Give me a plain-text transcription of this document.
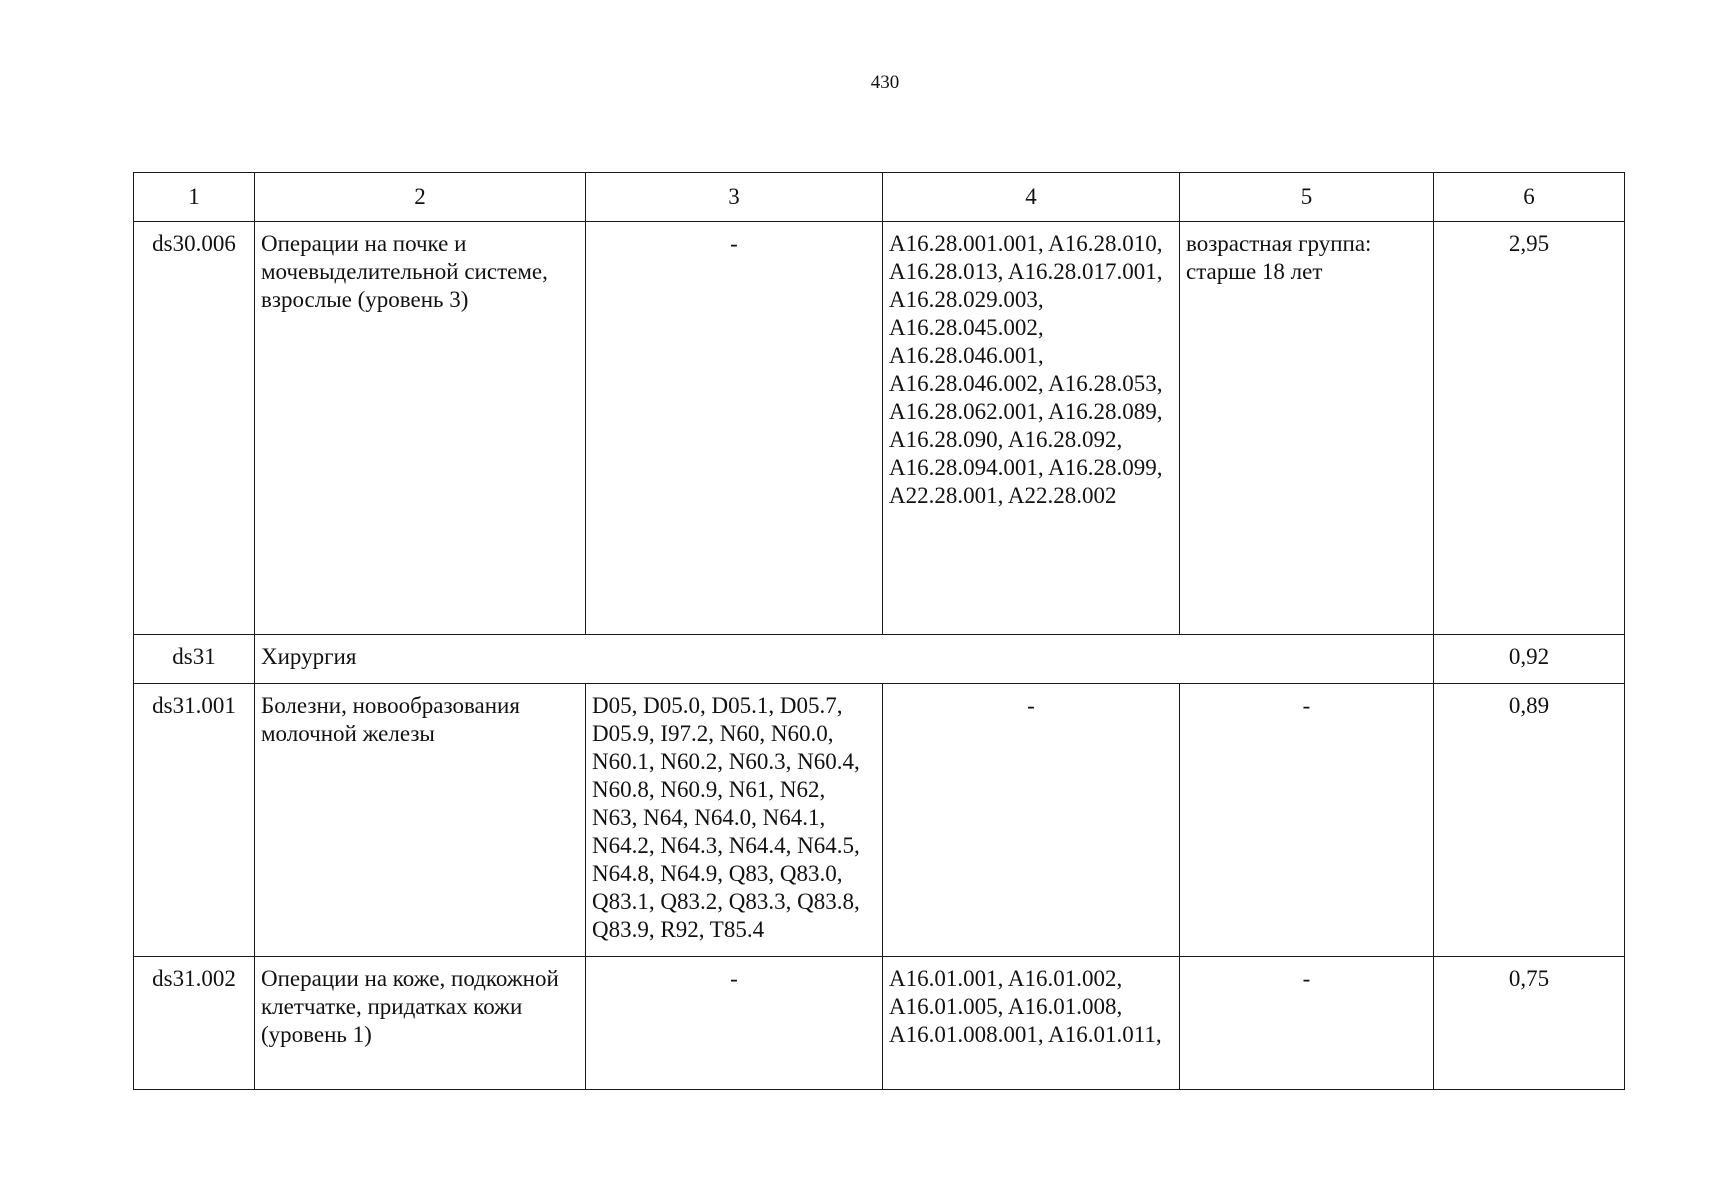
430
1	2	3	4	5	6
ds30.006	Операции на почке и мочевыделительной системе, взрослые (уровень 3)	-	A16.28.001.001, A16.28.010, A16.28.013, A16.28.017.001, A16.28.029.003, A16.28.045.002, A16.28.046.001, A16.28.046.002, A16.28.053, A16.28.062.001, A16.28.089, A16.28.090, A16.28.092, A16.28.094.001, A16.28.099, A22.28.001, A22.28.002	возрастная группа: старше 18 лет	2,95
ds31	Хирургия				0,92
ds31.001	Болезни, новообразования молочной железы	D05, D05.0, D05.1, D05.7, D05.9, I97.2, N60, N60.0, N60.1, N60.2, N60.3, N60.4, N60.8, N60.9, N61, N62, N63, N64, N64.0, N64.1, N64.2, N64.3, N64.4, N64.5, N64.8, N64.9, Q83, Q83.0, Q83.1, Q83.2, Q83.3, Q83.8, Q83.9, R92, T85.4	-	-	0,89
ds31.002	Операции на коже, подкожной клетчатке, придатках кожи (уровень 1)	-	A16.01.001, A16.01.002, A16.01.005, A16.01.008, A16.01.008.001, A16.01.011,	-	0,75
